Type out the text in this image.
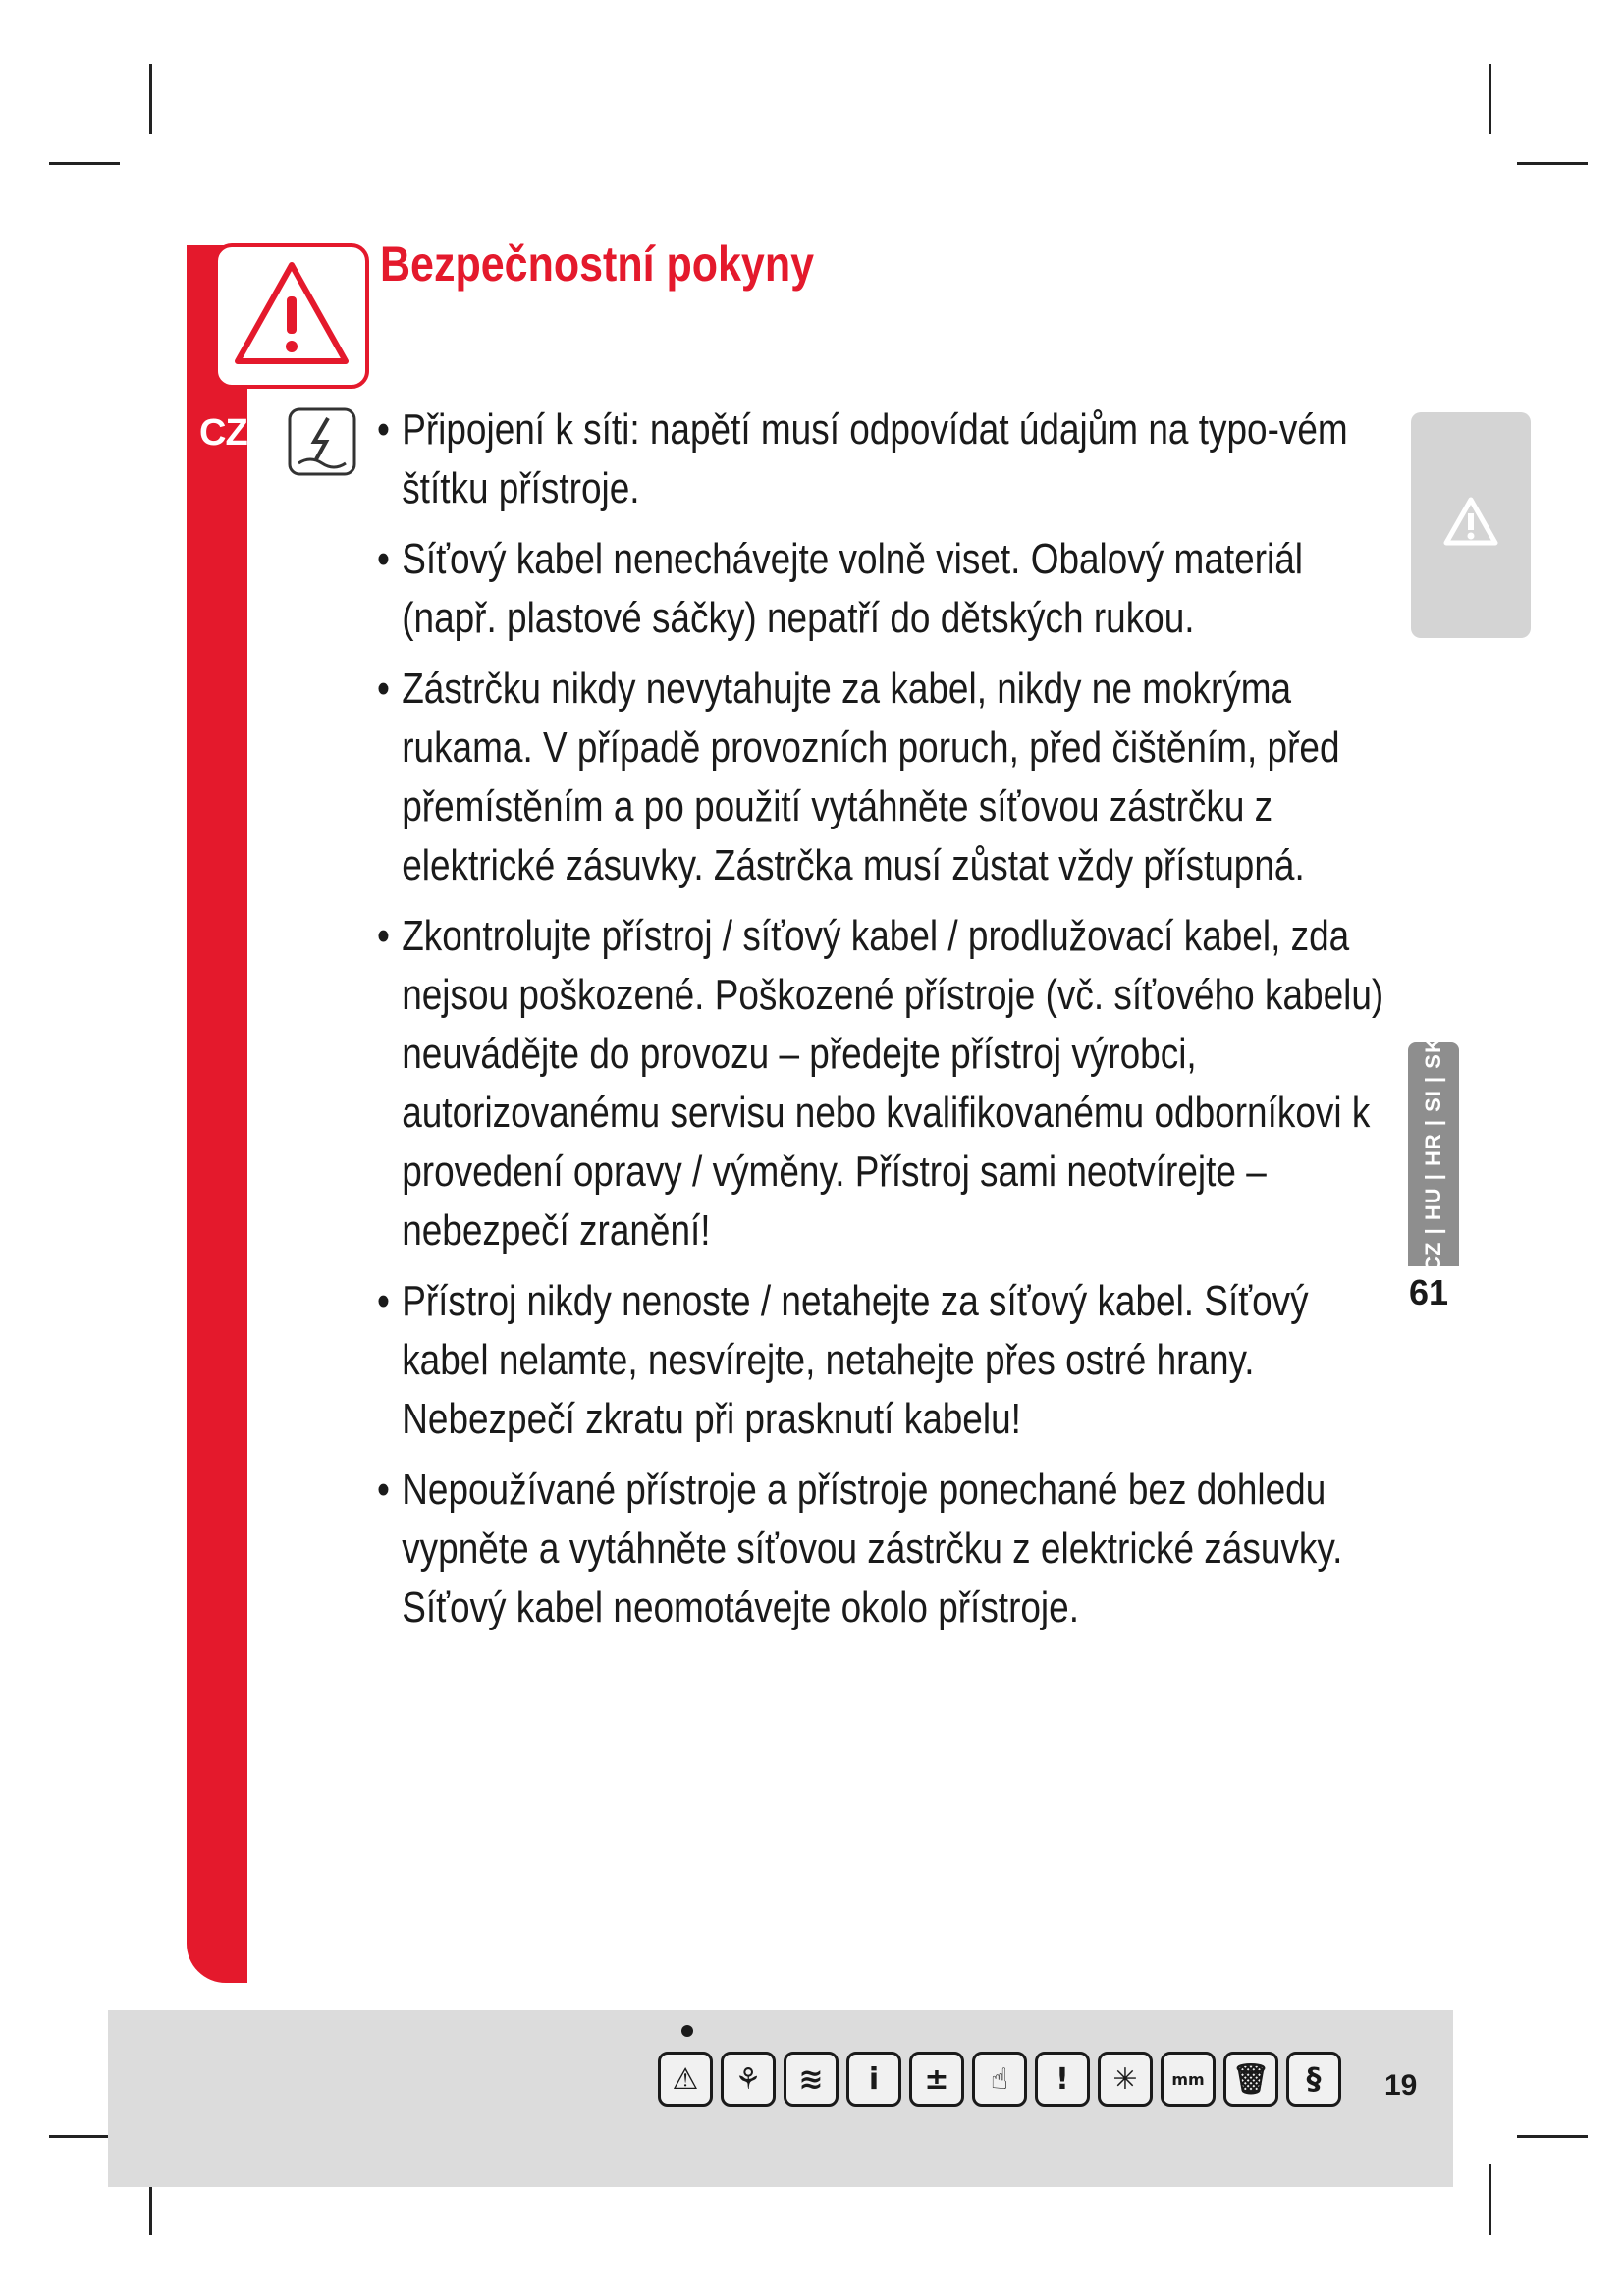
CZ
Bezpečnostní pokyny
• Připojení k síti: napětí musí odpovídat údajům na typo-vém štítku přístroje.
• Síťový kabel nenechávejte volně viset. Obalový materiál (např. plastové sáčky) nepatří do dětských rukou.
• Zástrčku nikdy nevytahujte za kabel, nikdy ne mokrýma rukama. V případě provozních poruch, před čištěním, před přemístěním a po použití vytáhněte síťovou zástrčku z elektrické zásuvky. Zástrčka musí zůstat vždy přístupná.
• Zkontrolujte přístroj / síťový kabel / prodlužovací kabel, zda nejsou poškozené. Poškozené přístroje (vč. síťového kabelu) neuvádějte do provozu – předejte přístroj výrobci, autorizovanému servisu nebo kvalifikovanému odborníkovi k provedení opravy / výměny. Přístroj sami neotvírejte – nebezpečí zranění!
• Přístroj nikdy nenoste / netahejte za síťový kabel. Síťový kabel nelamte, nesvírejte, netahejte přes ostré hrany. Nebezpečí zkratu při prasknutí kabelu!
• Nepoužívané přístroje a přístroje ponechané bez dohledu vypněte a vytáhněte síťovou zástrčku z elektrické zásuvky. Síťový kabel neomotávejte okolo přístroje.
CZ | HU | HR | SI | SK
61
⚠	⚘	≋	i	±	☝	!	✳	mm 🗑	§	19
